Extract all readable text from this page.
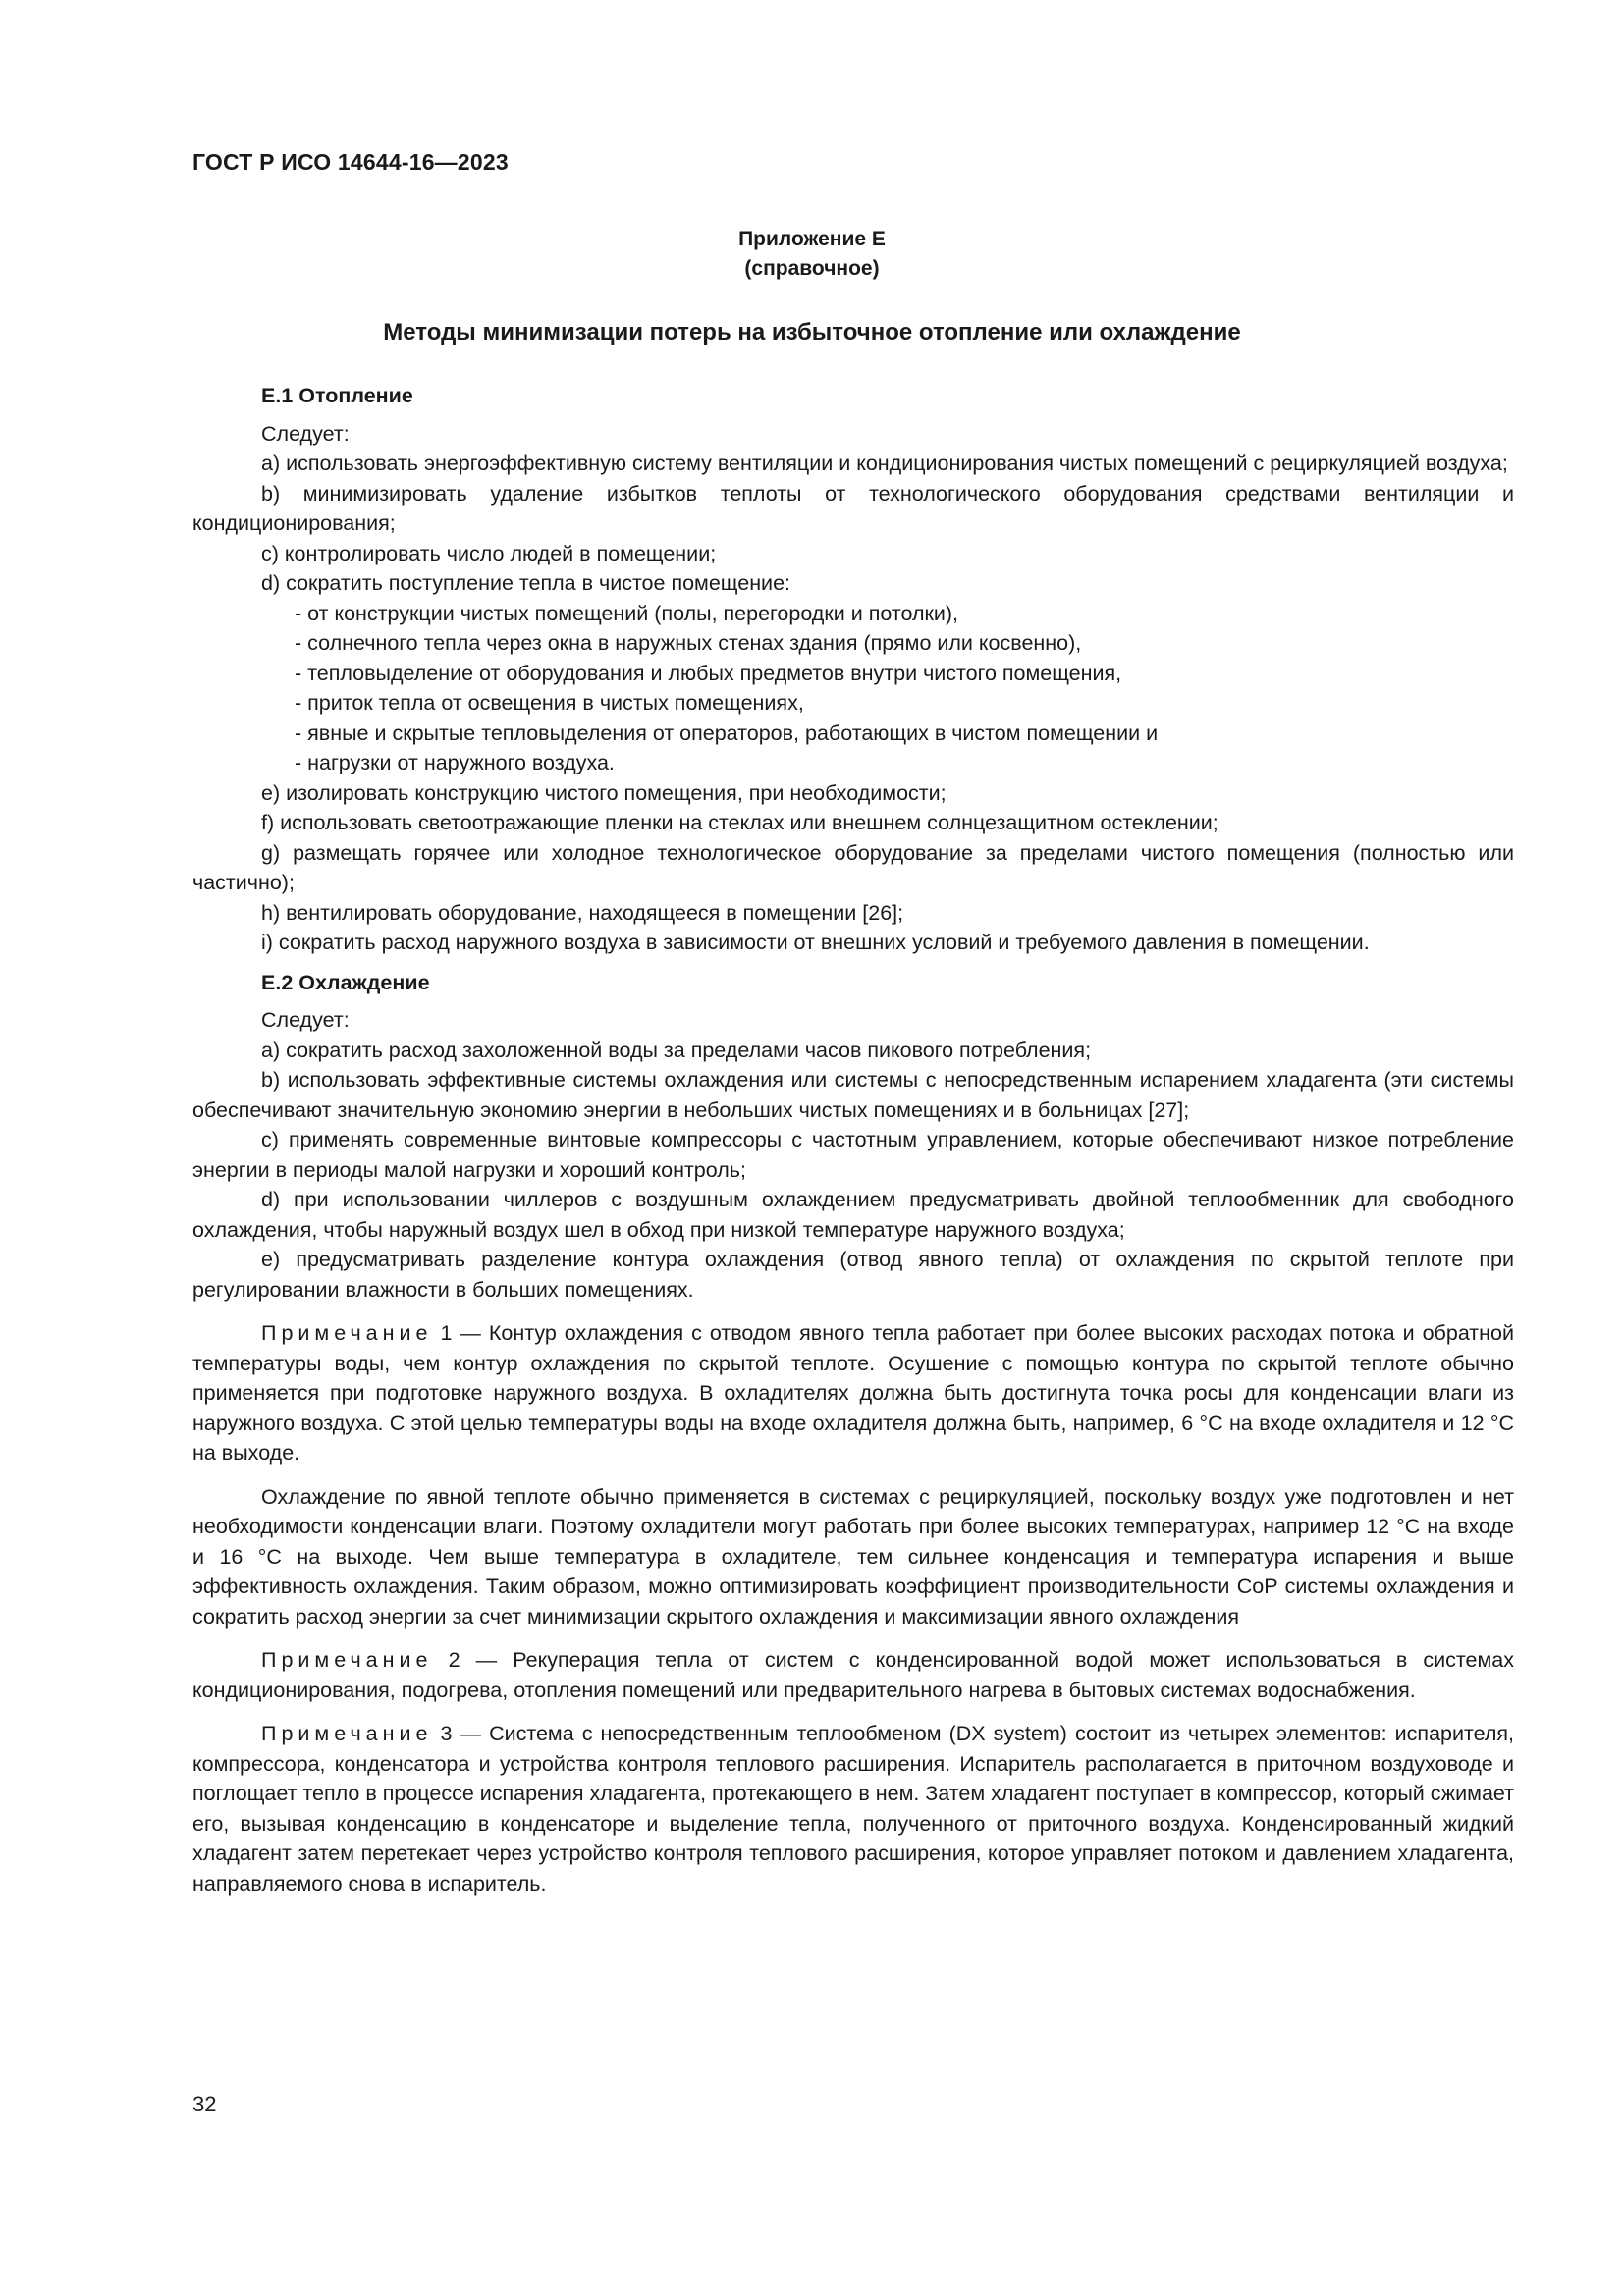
ГОСТ Р ИСО 14644-16—2023
Приложение Е
(справочное)
Методы минимизации потерь на избыточное отопление или охлаждение
Е.1 Отопление

Следует:

a) использовать энергоэффективную систему вентиляции и кондиционирования чистых помещений с рециркуляцией воздуха;

b) минимизировать удаление избытков теплоты от технологического оборудования средствами вентиляции и кондиционирования;

c) контролировать число людей в помещении;

d) сократить поступление тепла в чистое помещение:

- от конструкции чистых помещений (полы, перегородки и потолки),

- солнечного тепла через окна в наружных стенах здания (прямо или косвенно),

- тепловыделение от оборудования и любых предметов внутри чистого помещения,

- приток тепла от освещения в чистых помещениях,

- явные и скрытые тепловыделения от операторов, работающих в чистом помещении и

- нагрузки от наружного воздуха.

e) изолировать конструкцию чистого помещения, при необходимости;

f) использовать светоотражающие пленки на стеклах или внешнем солнцезащитном остеклении;

g) размещать горячее или холодное технологическое оборудование за пределами чистого помещения (полностью или частично);

h) вентилировать оборудование, находящееся в помещении [26];

i) сократить расход наружного воздуха в зависимости от внешних условий и требуемого давления в помещении.

Е.2 Охлаждение

Следует:

a) сократить расход захоложенной воды за пределами часов пикового потребления;

b) использовать эффективные системы охлаждения или системы с непосредственным испарением хладагента (эти системы обеспечивают значительную экономию энергии в небольших чистых помещениях и в больницах [27];

c) применять современные винтовые компрессоры с частотным управлением, которые обеспечивают низкое потребление энергии в периоды малой нагрузки и хороший контроль;

d) при использовании чиллеров с воздушным охлаждением предусматривать двойной теплообменник для свободного охлаждения, чтобы наружный воздух шел в обход при низкой температуре наружного воздуха;

e) предусматривать разделение контура охлаждения (отвод явного тепла) от охлаждения по скрытой теплоте при регулировании влажности в больших помещениях.

Примечание 1 — Контур охлаждения с отводом явного тепла работает при более высоких расходах потока и обратной температуры воды, чем контур охлаждения по скрытой теплоте. Осушение с помощью контура по скрытой теплоте обычно применяется при подготовке наружного воздуха. В охладителях должна быть достигнута точка росы для конденсации влаги из наружного воздуха. С этой целью температуры воды на входе охладителя должна быть, например, 6 °С на входе охладителя и 12 °С на выходе.

Охлаждение по явной теплоте обычно применяется в системах с рециркуляцией, поскольку воздух уже подготовлен и нет необходимости конденсации влаги. Поэтому охладители могут работать при более высоких температурах, например 12 °С на входе и 16 °С на выходе. Чем выше температура в охладителе, тем сильнее конденсация и температура испарения и выше эффективность охлаждения. Таким образом, можно оптимизировать коэффициент производительности CoP системы охлаждения и сократить расход энергии за счет минимизации скрытого охлаждения и максимизации явного охлаждения

Примечание 2 — Рекуперация тепла от систем с конденсированной водой может использоваться в системах кондиционирования, подогрева, отопления помещений или предварительного нагрева в бытовых системах водоснабжения.

Примечание 3 — Система с непосредственным теплообменом (DX system) состоит из четырех элементов: испарителя, компрессора, конденсатора и устройства контроля теплового расширения. Испаритель располагается в приточном воздуховоде и поглощает тепло в процессе испарения хладагента, протекающего в нем. Затем хладагент поступает в компрессор, который сжимает его, вызывая конденсацию в конденсаторе и выделение тепла, полученного от приточного воздуха. Конденсированный жидкий хладагент затем перетекает через устройство контроля теплового расширения, которое управляет потоком и давлением хладагента, направляемого снова в испаритель.

32
